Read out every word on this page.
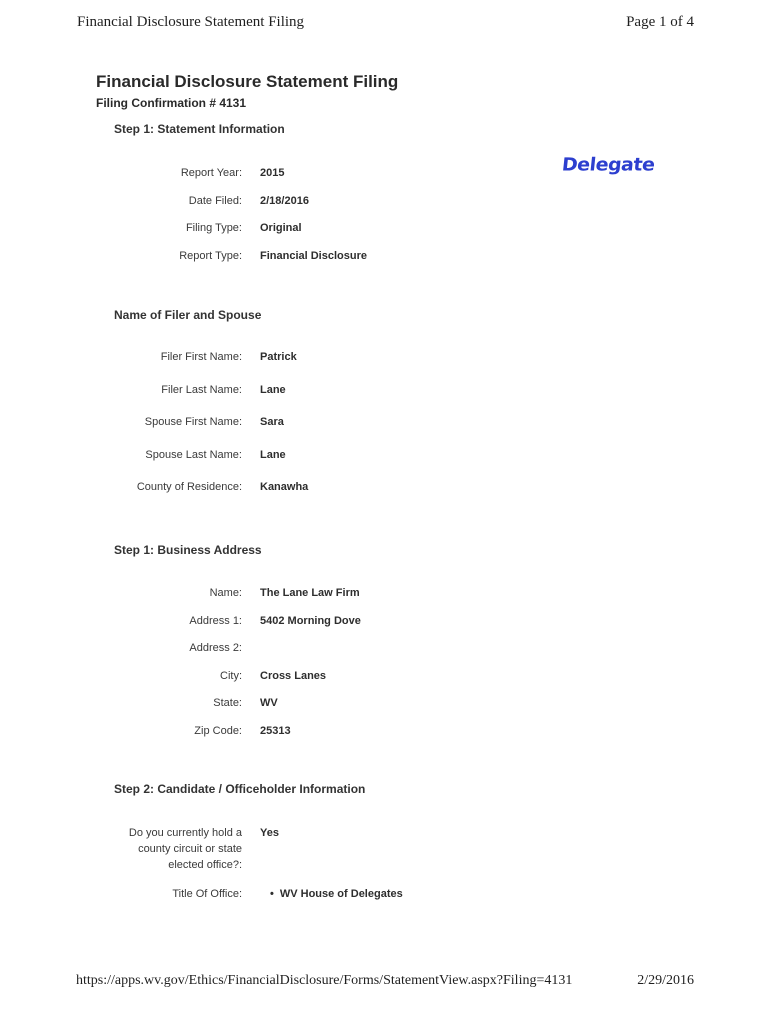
Financial Disclosure Statement Filing	Page 1 of 4
Financial Disclosure Statement Filing
Filing Confirmation # 4131
Delegate
Step 1: Statement Information
Report Year: 2015
Date Filed: 2/18/2016
Filing Type: Original
Report Type: Financial Disclosure
Name of Filer and Spouse
Filer First Name: Patrick
Filer Last Name: Lane
Spouse First Name: Sara
Spouse Last Name: Lane
County of Residence: Kanawha
Step 1: Business Address
Name: The Lane Law Firm
Address 1: 5402 Morning Dove
Address 2:
City: Cross Lanes
State: WV
Zip Code: 25313
Step 2: Candidate / Officeholder Information
Do you currently hold a
county circuit or state
elected office?:
Yes
Title Of Office:
•	WV House of Delegates
https://apps.wv.gov/Ethics/FinancialDisclosure/Forms/StatementView.aspx?Filing=4131	2/29/2016
